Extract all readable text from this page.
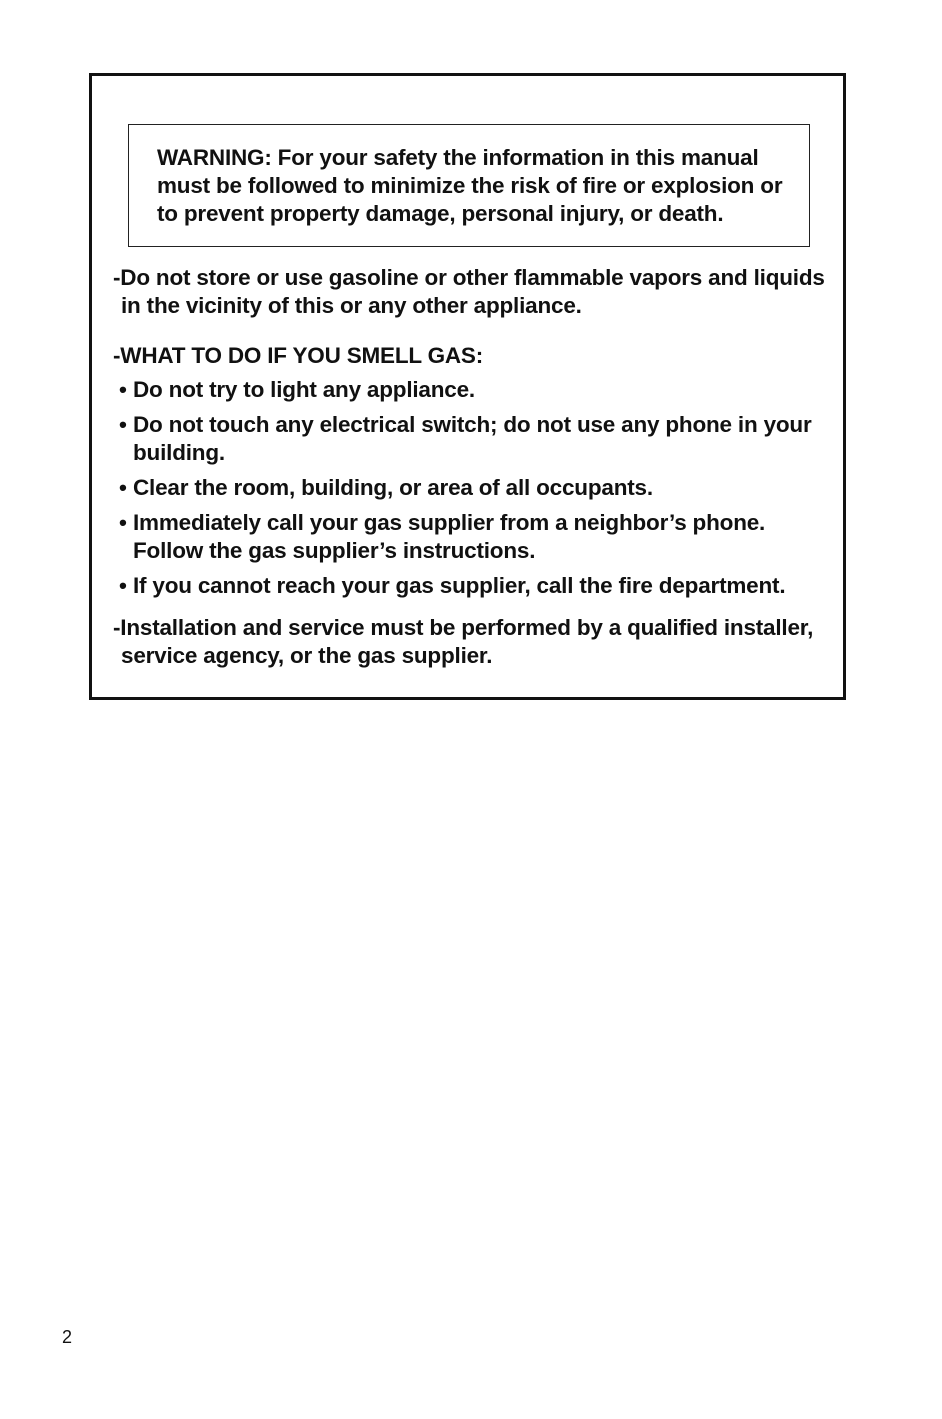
WARNING: For your safety the information in this manual must be followed to minimize the risk of fire or explosion or to prevent property damage, personal injury, or death.

-Do not store or use gasoline or other flammable vapors and liquids in the vicinity of this or any other appliance.

-WHAT TO DO IF YOU SMELL GAS:

• Do not try to light any appliance.
• Do not touch any electrical switch; do not use any phone in your building.
• Clear the room, building, or area of all occupants.
• Immediately call your gas supplier from a neighbor’s phone. Follow the gas supplier’s instructions.
• If you cannot reach your gas supplier, call the fire department.

-Installation and service must be performed by a qualified installer, service agency, or the gas supplier.

2
